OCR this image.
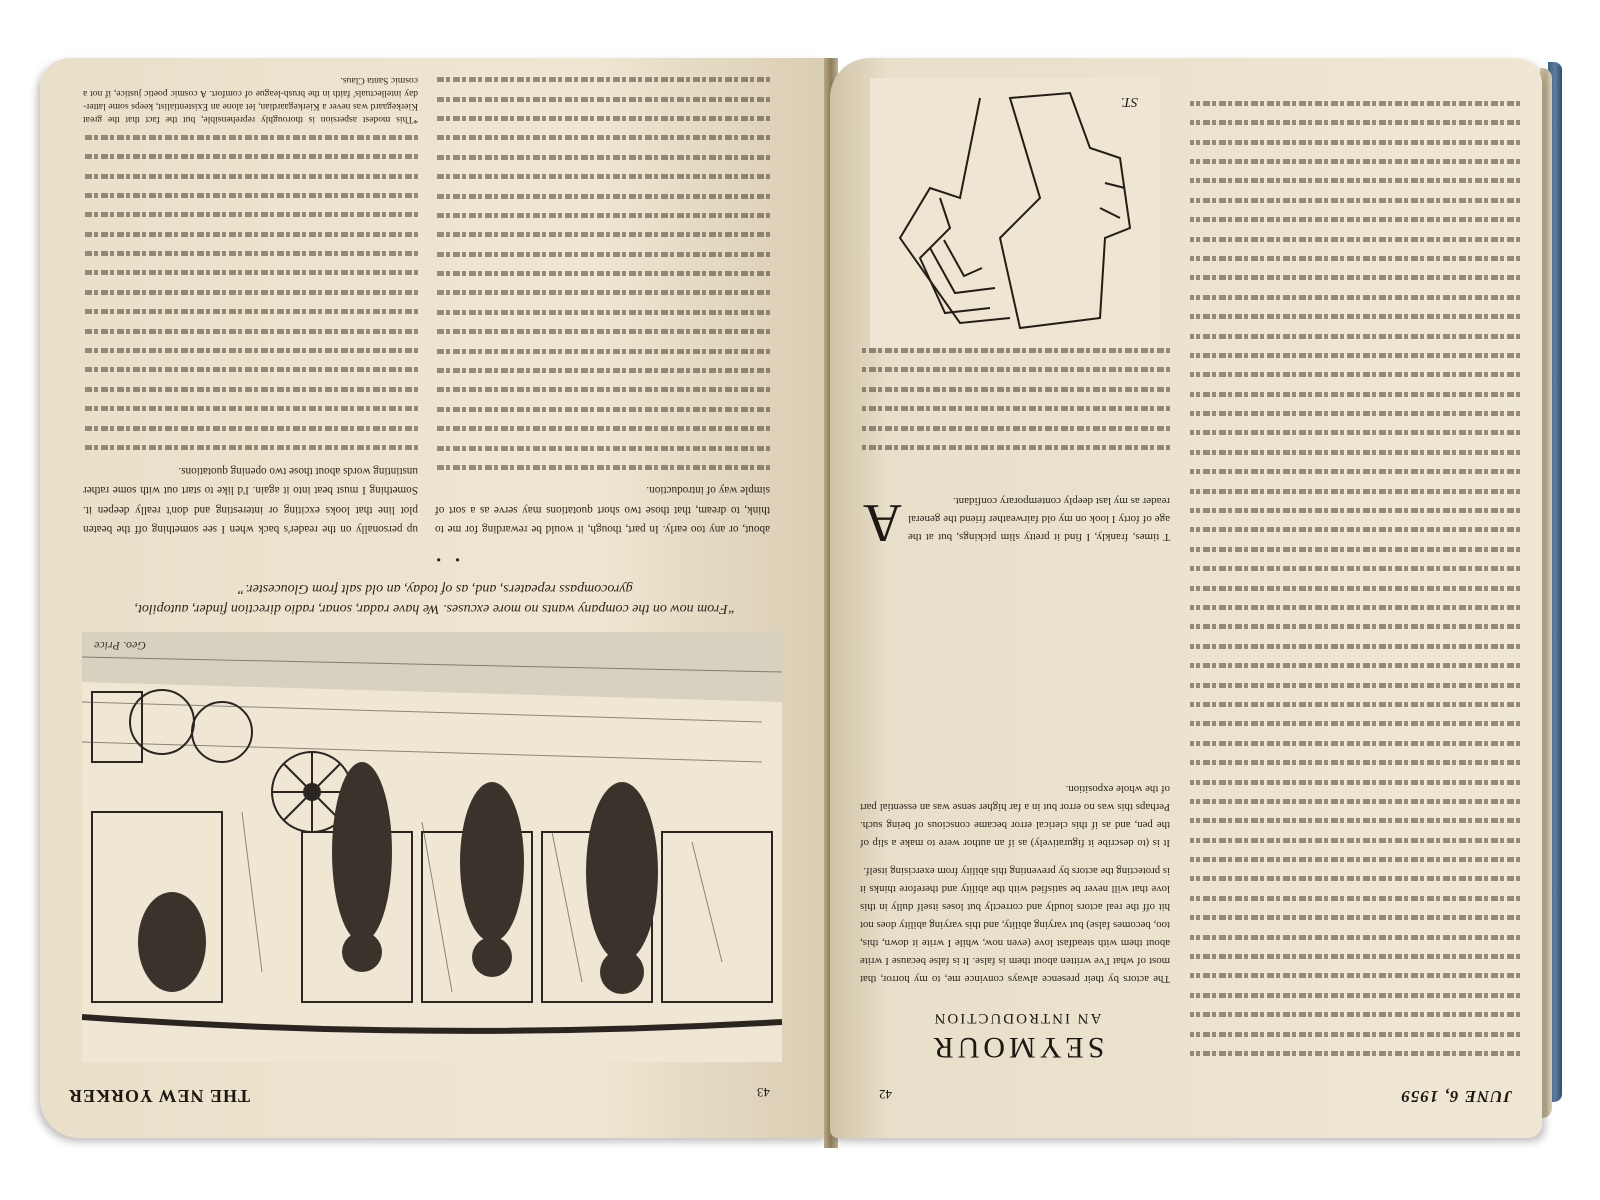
43
THE NEW YORKER
Geo. Price
“From now on the company wants no more excuses. We have radar, sonar, radio direction finder, autopilot, gyrocompass repeaters, and, as of today, an old salt from Gloucester.”
•    •

about, or any too early. In part, though, it would be rewarding for me to think, to dream, that those two short quotations may serve as a sort of simple way of introduction.

up personally on the reader's back when I see something off the beaten plot line that looks exciting or interesting and don't really deepen it. Something I must beat into it again. I'd like to start out with some rather unstinting words about those two opening quotations.

*This modest aspersion is thoroughly reprehensible, but the fact that the great Kierkegaard was never a Kierkegaardian, let alone an Existentialist, keeps some latter-day intellectuals' faith in the brush-league of comfort. A cosmic poetic justice, if not a cosmic Santa Claus.

JUNE 6, 1959
42
SEYMOUR
AN INTRODUCTION

The actors by their presence always convince me, to my horror, that most of what I've written about them is false. It is false because I write about them with steadfast love (even now, while I write it down, this, too, becomes false) but varying ability, and this varying ability does not hit off the real actors loudly and correctly but loses itself dully in this love that will never be satisfied with the ability and therefore thinks it is protecting the actors by preventing this ability from exercising itself.

It is (to describe it figuratively) as if an author were to make a slip of the pen, and as if this clerical error became conscious of being such. Perhaps this was no error but in a far higher sense was an essential part of the whole exposition.

A T times, frankly, I find it pretty slim pickings, but at the age of forty I look on my old fairweather friend the general reader as my last deeply contemporary confidant.

ST.
